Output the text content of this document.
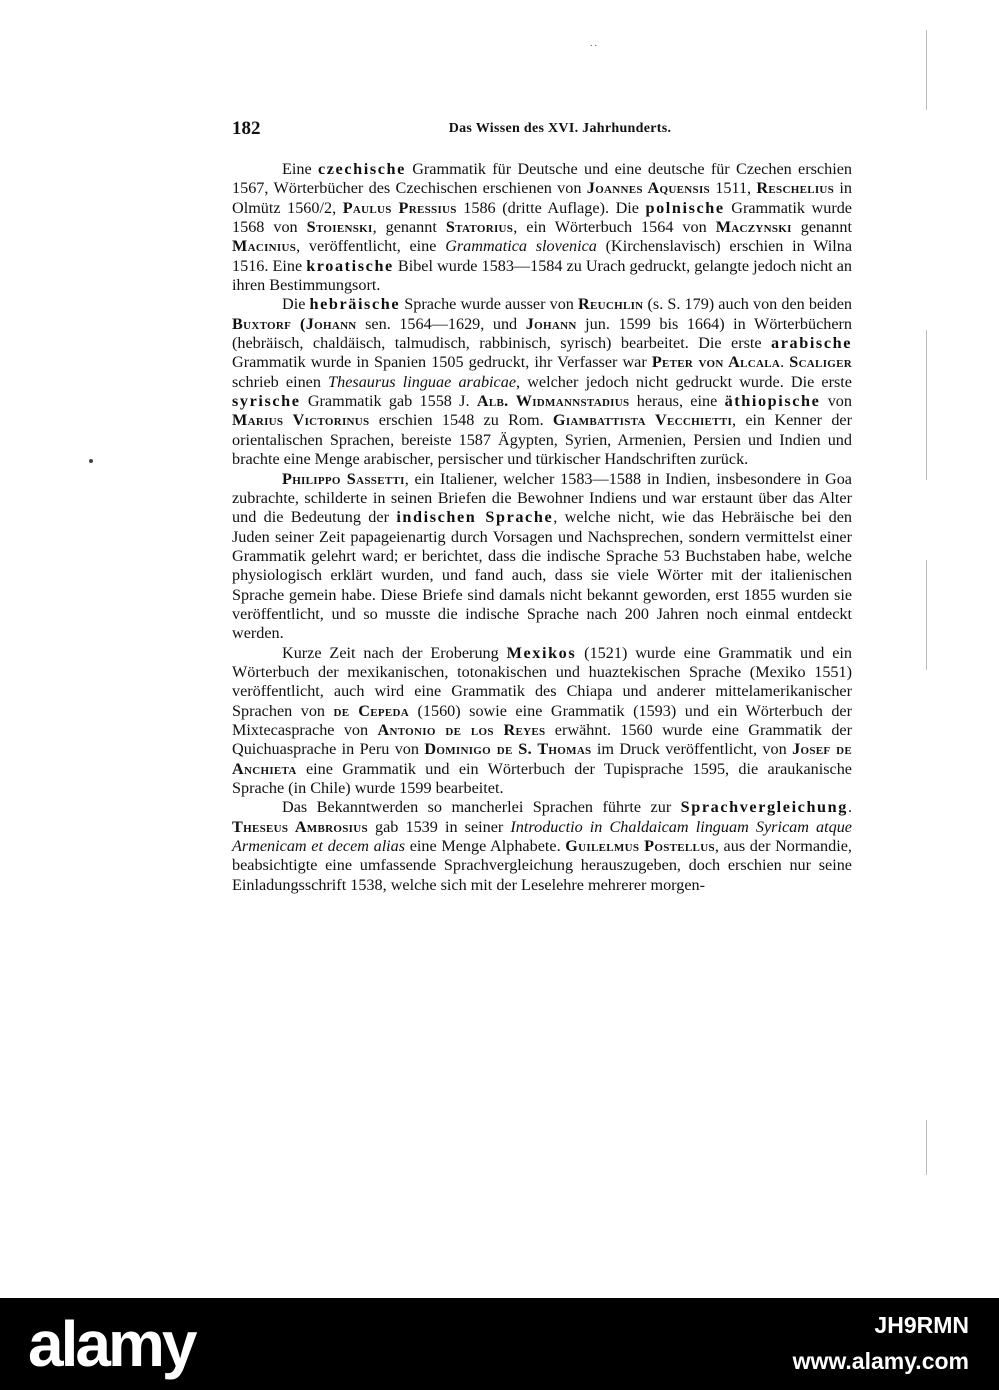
..
182	Das Wissen des XVI. Jahrhunderts.

Eine czechische Grammatik für Deutsche und eine deutsche für Czechen erschien 1567, Wörterbücher des Czechischen erschienen von Joannes Aquensis 1511, Reschelius in Olmütz 1560/2, Paulus Pressius 1586 (dritte Auflage). Die polnische Grammatik wurde 1568 von Stoienski, genannt Statorius, ein Wörterbuch 1564 von Maczynski genannt Macinius, veröffentlicht, eine Grammatica slovenica (Kirchenslavisch) erschien in Wilna 1516. Eine kroatische Bibel wurde 1583—1584 zu Urach gedruckt, gelangte jedoch nicht an ihren Bestimmungsort.

Die hebräische Sprache wurde ausser von Reuchlin (s. S. 179) auch von den beiden Buxtorf (Johann sen. 1564—1629, und Johann jun. 1599 bis 1664) in Wörterbüchern (hebräisch, chaldäisch, talmudisch, rabbinisch, syrisch) bearbeitet. Die erste arabische Grammatik wurde in Spanien 1505 gedruckt, ihr Verfasser war Peter von Alcala. Scaliger schrieb einen Thesaurus linguae arabicae, welcher jedoch nicht gedruckt wurde. Die erste syrische Grammatik gab 1558 J. Alb. Widmannstadius heraus, eine äthiopische von Marius Victorinus erschien 1548 zu Rom. Giambattista Vecchietti, ein Kenner der orientalischen Sprachen, bereiste 1587 Ägypten, Syrien, Armenien, Persien und Indien und brachte eine Menge arabischer, persischer und türkischer Handschriften zurück.

Philippo Sassetti, ein Italiener, welcher 1583—1588 in Indien, insbesondere in Goa zubrachte, schilderte in seinen Briefen die Bewohner Indiens und war erstaunt über das Alter und die Bedeutung der indischen Sprache, welche nicht, wie das Hebräische bei den Juden seiner Zeit papageienartig durch Vorsagen und Nachsprechen, sondern vermittelst einer Grammatik gelehrt ward; er berichtet, dass die indische Sprache 53 Buchstaben habe, welche physiologisch erklärt wurden, und fand auch, dass sie viele Wörter mit der italienischen Sprache gemein habe. Diese Briefe sind damals nicht bekannt geworden, erst 1855 wurden sie veröffentlicht, und so musste die indische Sprache nach 200 Jahren noch einmal entdeckt werden.

Kurze Zeit nach der Eroberung Mexikos (1521) wurde eine Grammatik und ein Wörterbuch der mexikanischen, totonakischen und huaztekischen Sprache (Mexiko 1551) veröffentlicht, auch wird eine Grammatik des Chiapa und anderer mittelamerikanischer Sprachen von de Cepeda (1560) sowie eine Grammatik (1593) und ein Wörterbuch der Mixtecasprache von Antonio de los Reyes erwähnt. 1560 wurde eine Grammatik der Quichuasprache in Peru von Dominigo de S. Thomas im Druck veröffentlicht, von Josef de Anchieta eine Grammatik und ein Wörterbuch der Tupisprache 1595, die araukanische Sprache (in Chile) wurde 1599 bearbeitet.

Das Bekanntwerden so mancherlei Sprachen führte zur Sprachvergleichung. Theseus Ambrosius gab 1539 in seiner Introductio in Chaldaicam linguam Syricam atque Armenicam et decem alias eine Menge Alphabete. Guilelmus Postellus, aus der Normandie, beabsichtigte eine umfassende Sprachvergleichung herauszugeben, doch erschien nur seine Einladungsschrift 1538, welche sich mit der Leselehre mehrerer morgen-

alamy	JH9RMN
www.alamy.com
